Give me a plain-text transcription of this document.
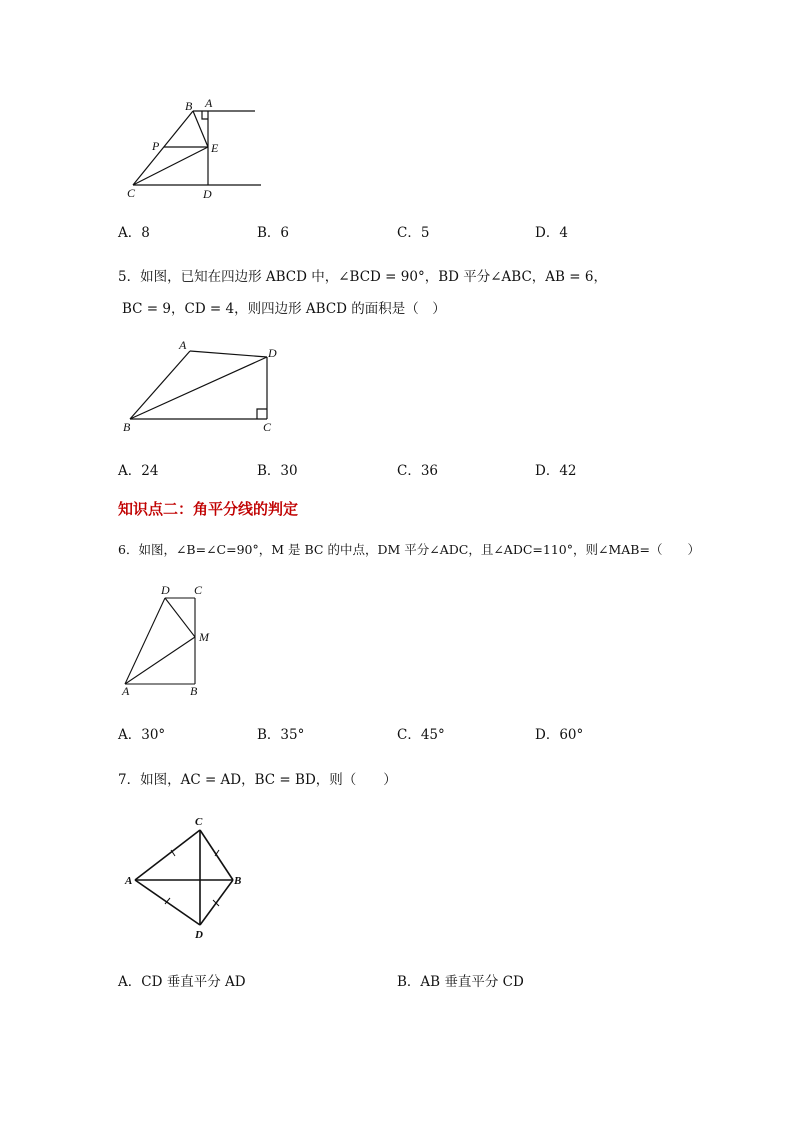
B A
P	E
C	D
A．8	B．6	C．5	D．4
5．如图，已知在四边形 ABCD 中，∠BCD = 90°，BD 平分∠ABC，AB = 6，
BC = 9，CD = 4，则四边形 ABCD 的面积是（　）
A
D
B	C
A．24	B．30	C．36	D．42
知识点二：角平分线的判定
6．如图，∠B=∠C=90°，M 是 BC 的中点，DM 平分∠ADC，且∠ADC=110°，则∠MAB=（　　）
D C
M
A	B
A．30°	B．35°	C．45°	D．60°
7．如图，AC = AD，BC = BD，则（　　）
C
A	B
D
A．CD 垂直平分 AD	B．AB 垂直平分 CD
